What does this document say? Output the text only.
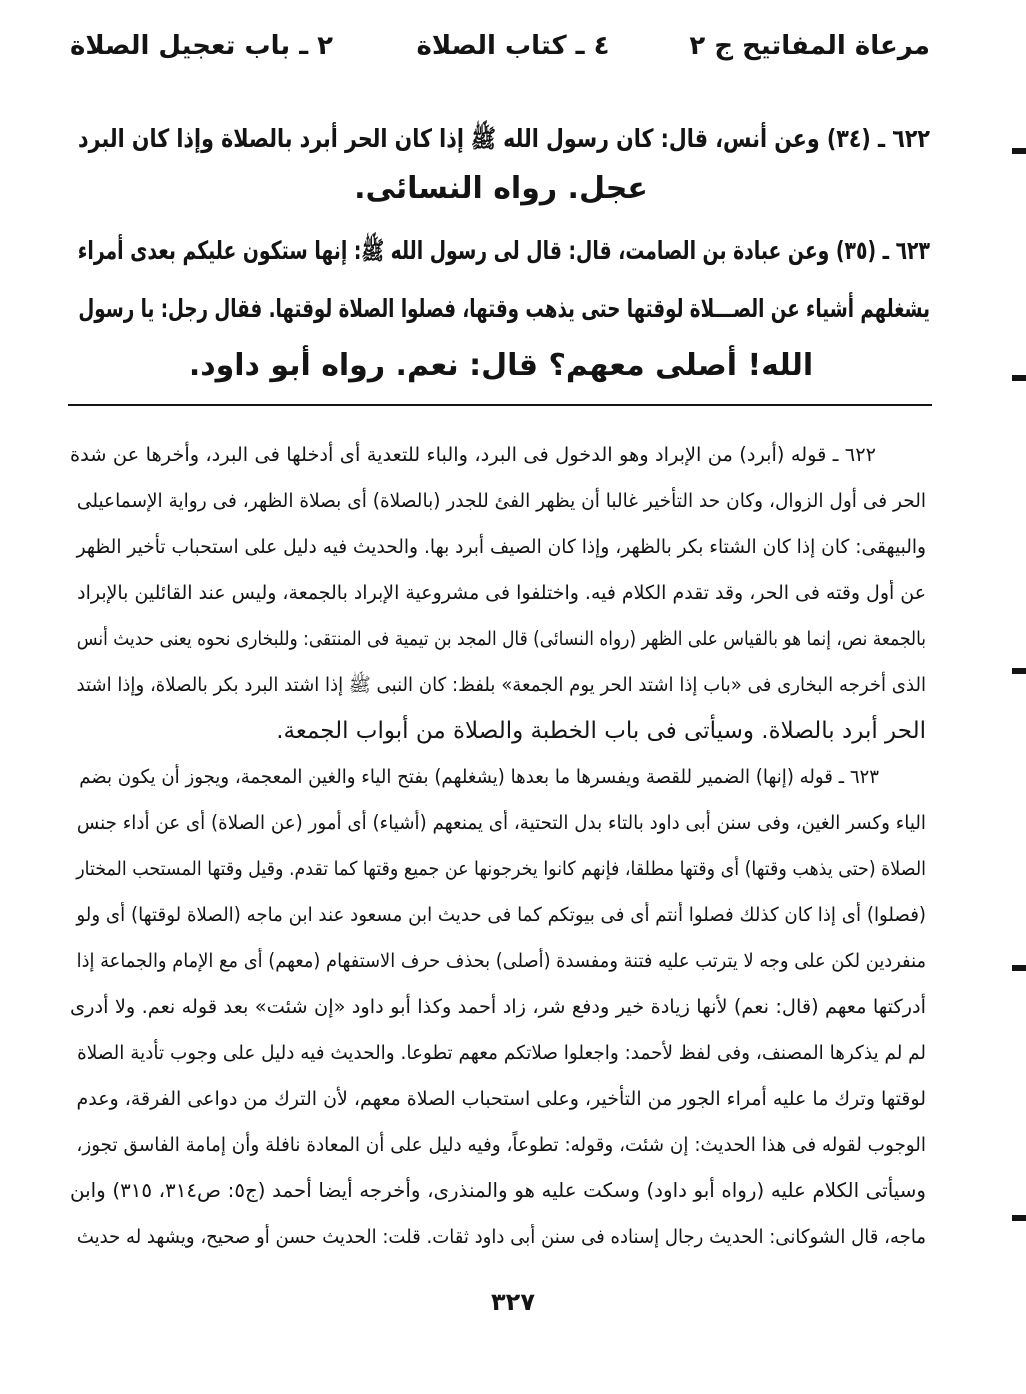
مرعاة المفاتيح ج ٢
٤ ـ كتاب الصلاة
٢ ـ باب تعجيل الصلاة
٦٢٢ ـ (٣٤) وعن أنس، قال: كان رسول الله ﷺ إذا كان الحر أبرد بالصلاة وإذا كان البرد
عجل. رواه النسائى.
٦٢٣ ـ (٣٥) وعن عبادة بن الصامت، قال: قال لى رسول الله ﷺ: إنها ستكون عليكم بعدى أمراء
يشغلهم أشياء عن الصـــلاة لوقتها حتى يذهب وقتها، فصلوا الصلاة لوقتها. فقال رجل: يا رسول
الله! أصلى معهم؟ قال: نعم. رواه أبو داود.
٦٢٢ ـ قوله (أبرد) من الإبراد وهو الدخول فى البرد، والباء للتعدية أى أدخلها فى البرد، وأخرها عن شدة
الحر فى أول الزوال، وكان حد التأخير غالبا أن يظهر الفئ للجدر (بالصلاة) أى بصلاة الظهر، فى رواية الإسماعيلى
والبيهقى: كان إذا كان الشتاء بكر بالظهر، وإذا كان الصيف أبرد بها. والحديث فيه دليل على استحباب تأخير الظهر
عن أول وقته فى الحر، وقد تقدم الكلام فيه. واختلفوا فى مشروعية الإبراد بالجمعة، وليس عند القائلين بالإبراد
بالجمعة نص، إنما هو بالقياس على الظهر (رواه النسائى) قال المجد بن تيمية فى المنتقى: وللبخارى نحوه يعنى حديث أنس
الذى أخرجه البخارى فى «باب إذا اشتد الحر يوم الجمعة» بلفظ: كان النبى ﷺ إذا اشتد البرد بكر بالصلاة، وإذا اشتد
الحر أبرد بالصلاة. وسيأتى فى باب الخطبة والصلاة من أبواب الجمعة.
٦٢٣ ـ قوله (إنها) الضمير للقصة ويفسرها ما بعدها (يشغلهم) بفتح الياء والغين المعجمة، ويجوز أن يكون بضم
الياء وكسر الغين، وفى سنن أبى داود بالتاء بدل التحتية، أى يمنعهم (أشياء) أى أمور (عن الصلاة) أى عن أداء جنس
الصلاة (حتى يذهب وقتها) أى وقتها مطلقا، فإنهم كانوا يخرجونها عن جميع وقتها كما تقدم. وقيل وقتها المستحب المختار
(فصلوا) أى إذا كان كذلك فصلوا أنتم أى فى بيوتكم كما فى حديث ابن مسعود عند ابن ماجه (الصلاة لوقتها) أى ولو
منفردين لكن على وجه لا يترتب عليه فتنة ومفسدة (أصلى) بحذف حرف الاستفهام (معهم) أى مع الإمام والجماعة إذا
أدركتها معهم (قال: نعم) لأنها زيادة خير ودفع شر، زاد أحمد وكذا أبو داود «إن شئت» بعد قوله نعم. ولا أدرى
لم لم يذكرها المصنف، وفى لفظ لأحمد: واجعلوا صلاتكم معهم تطوعا. والحديث فيه دليل على وجوب تأدية الصلاة
لوقتها وترك ما عليه أمراء الجور من التأخير، وعلى استحباب الصلاة معهم، لأن الترك من دواعى الفرقة، وعدم
الوجوب لقوله فى هذا الحديث: إن شئت، وقوله: تطوعاً، وفيه دليل على أن المعادة نافلة وأن إمامة الفاسق تجوز،
وسيأتى الكلام عليه (رواه أبو داود) وسكت عليه هو والمنذرى، وأخرجه أيضا أحمد (ج٥: ص٣١٤، ٣١٥) وابن
ماجه، قال الشوكانى: الحديث رجال إسناده فى سنن أبى داود ثقات. قلت: الحديث حسن أو صحيح، ويشهد له حديث
٣٢٧
